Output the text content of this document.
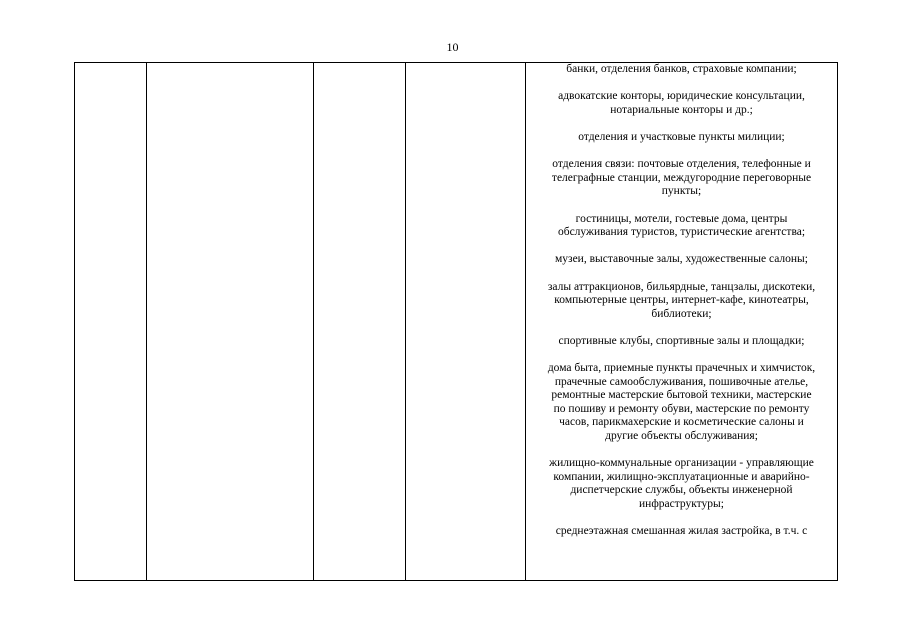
10

банки, отделения банков, страховые компании;

адвокатские конторы, юридические консультации,
нотариальные конторы и др.;

отделения и участковые пункты милиции;

отделения связи: почтовые отделения, телефонные и
телеграфные станции, междугородние переговорные
пункты;

гостиницы, мотели, гостевые дома, центры
обслуживания туристов, туристические агентства;

музеи, выставочные залы, художественные салоны;

залы аттракционов, бильярдные, танцзалы, дискотеки,
компьютерные центры, интернет-кафе, кинотеатры,
библиотеки;

спортивные клубы, спортивные залы и площадки;

дома быта, приемные пункты прачечных и химчисток,
прачечные самообслуживания, пошивочные ателье,
ремонтные мастерские бытовой техники, мастерские
по пошиву и ремонту обуви, мастерские по ремонту
часов, парикмахерские и косметические салоны и
другие объекты обслуживания;

жилищно-коммунальные организации - управляющие
компании, жилищно-эксплуатационные и аварийно-
диспетчерские службы, объекты инженерной
инфраструктуры;

среднеэтажная смешанная жилая застройка, в т.ч. с
